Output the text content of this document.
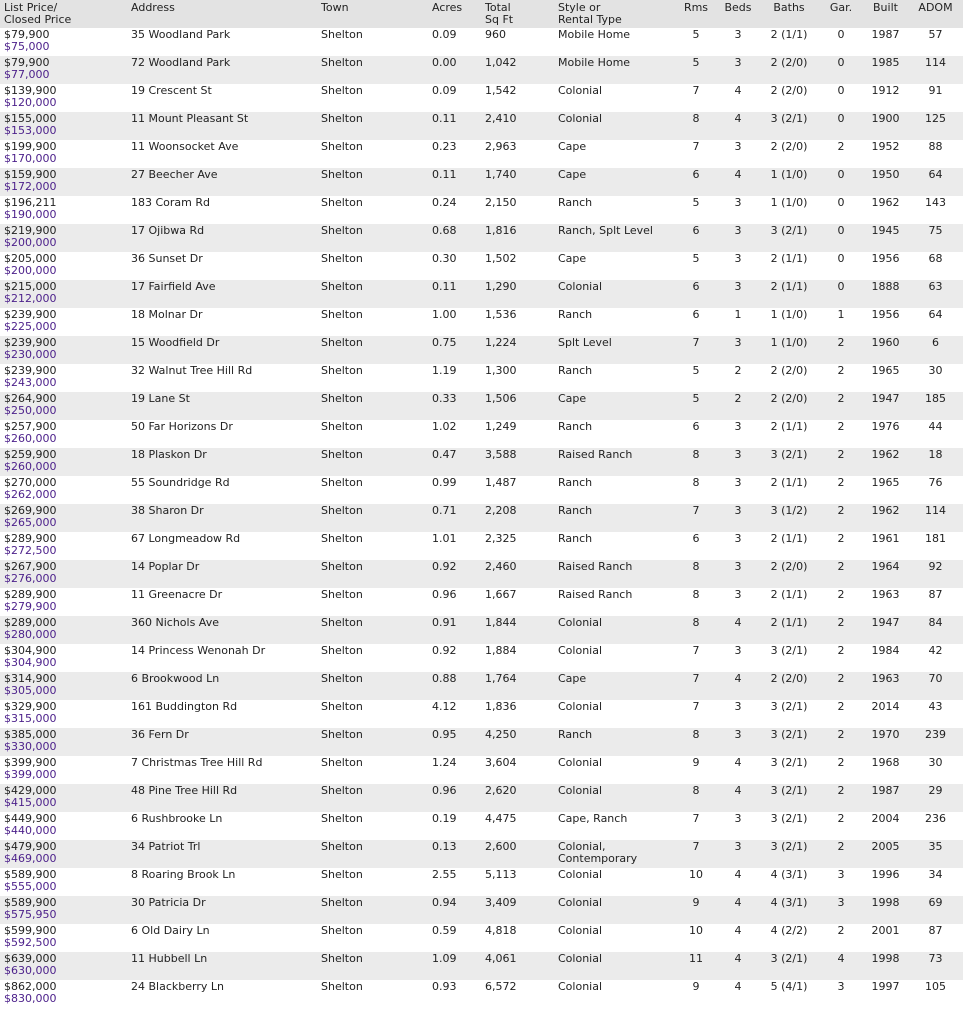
List Price/
Closed Price	Address	Town	Acres	Total
Sq Ft	Style or
Rental Type	Rms	Beds	Baths	Gar.	Built	ADOM
$79,900
$75,000	35 Woodland Park	Shelton	0.09	960	Mobile Home	5	3	2 (1/1)	0	1987	57
$79,900
$77,000	72 Woodland Park	Shelton	0.00	1,042	Mobile Home	5	3	2 (2/0)	0	1985	114
$139,900
$120,000	19 Crescent St	Shelton	0.09	1,542	Colonial	7	4	2 (2/0)	0	1912	91
$155,000
$153,000	11 Mount Pleasant St	Shelton	0.11	2,410	Colonial	8	4	3 (2/1)	0	1900	125
$199,900
$170,000	11 Woonsocket Ave	Shelton	0.23	2,963	Cape	7	3	2 (2/0)	2	1952	88
$159,900
$172,000	27 Beecher Ave	Shelton	0.11	1,740	Cape	6	4	1 (1/0)	0	1950	64
$196,211
$190,000	183 Coram Rd	Shelton	0.24	2,150	Ranch	5	3	1 (1/0)	0	1962	143
$219,900
$200,000	17 Ojibwa Rd	Shelton	0.68	1,816	Ranch, Splt Level	6	3	3 (2/1)	0	1945	75
$205,000
$200,000	36 Sunset Dr	Shelton	0.30	1,502	Cape	5	3	2 (1/1)	0	1956	68
$215,000
$212,000	17 Fairfield Ave	Shelton	0.11	1,290	Colonial	6	3	2 (1/1)	0	1888	63
$239,900
$225,000	18 Molnar Dr	Shelton	1.00	1,536	Ranch	6	1	1 (1/0)	1	1956	64
$239,900
$230,000	15 Woodfield Dr	Shelton	0.75	1,224	Splt Level	7	3	1 (1/0)	2	1960	6
$239,900
$243,000	32 Walnut Tree Hill Rd	Shelton	1.19	1,300	Ranch	5	2	2 (2/0)	2	1965	30
$264,900
$250,000	19 Lane St	Shelton	0.33	1,506	Cape	5	2	2 (2/0)	2	1947	185
$257,900
$260,000	50 Far Horizons Dr	Shelton	1.02	1,249	Ranch	6	3	2 (1/1)	2	1976	44
$259,900
$260,000	18 Plaskon Dr	Shelton	0.47	3,588	Raised Ranch	8	3	3 (2/1)	2	1962	18
$270,000
$262,000	55 Soundridge Rd	Shelton	0.99	1,487	Ranch	8	3	2 (1/1)	2	1965	76
$269,900
$265,000	38 Sharon Dr	Shelton	0.71	2,208	Ranch	7	3	3 (1/2)	2	1962	114
$289,900
$272,500	67 Longmeadow Rd	Shelton	1.01	2,325	Ranch	6	3	2 (1/1)	2	1961	181
$267,900
$276,000	14 Poplar Dr	Shelton	0.92	2,460	Raised Ranch	8	3	2 (2/0)	2	1964	92
$289,900
$279,900	11 Greenacre Dr	Shelton	0.96	1,667	Raised Ranch	8	3	2 (1/1)	2	1963	87
$289,000
$280,000	360 Nichols Ave	Shelton	0.91	1,844	Colonial	8	4	2 (1/1)	2	1947	84
$304,900
$304,900	14 Princess Wenonah Dr	Shelton	0.92	1,884	Colonial	7	3	3 (2/1)	2	1984	42
$314,900
$305,000	6 Brookwood Ln	Shelton	0.88	1,764	Cape	7	4	2 (2/0)	2	1963	70
$329,900
$315,000	161 Buddington Rd	Shelton	4.12	1,836	Colonial	7	3	3 (2/1)	2	2014	43
$385,000
$330,000	36 Fern Dr	Shelton	0.95	4,250	Ranch	8	3	3 (2/1)	2	1970	239
$399,900
$399,000	7 Christmas Tree Hill Rd	Shelton	1.24	3,604	Colonial	9	4	3 (2/1)	2	1968	30
$429,000
$415,000	48 Pine Tree Hill Rd	Shelton	0.96	2,620	Colonial	8	4	3 (2/1)	2	1987	29
$449,900
$440,000	6 Rushbrooke Ln	Shelton	0.19	4,475	Cape, Ranch	7	3	3 (2/1)	2	2004	236
$479,900
$469,000	34 Patriot Trl	Shelton	0.13	2,600	Colonial,
Contemporary	7	3	3 (2/1)	2	2005	35
$589,900
$555,000	8 Roaring Brook Ln	Shelton	2.55	5,113	Colonial	10	4	4 (3/1)	3	1996	34
$589,900
$575,950	30 Patricia Dr	Shelton	0.94	3,409	Colonial	9	4	4 (3/1)	3	1998	69
$599,900
$592,500	6 Old Dairy Ln	Shelton	0.59	4,818	Colonial	10	4	4 (2/2)	2	2001	87
$639,000
$630,000	11 Hubbell Ln	Shelton	1.09	4,061	Colonial	11	4	3 (2/1)	4	1998	73
$862,000
$830,000	24 Blackberry Ln	Shelton	0.93	6,572	Colonial	9	4	5 (4/1)	3	1997	105
